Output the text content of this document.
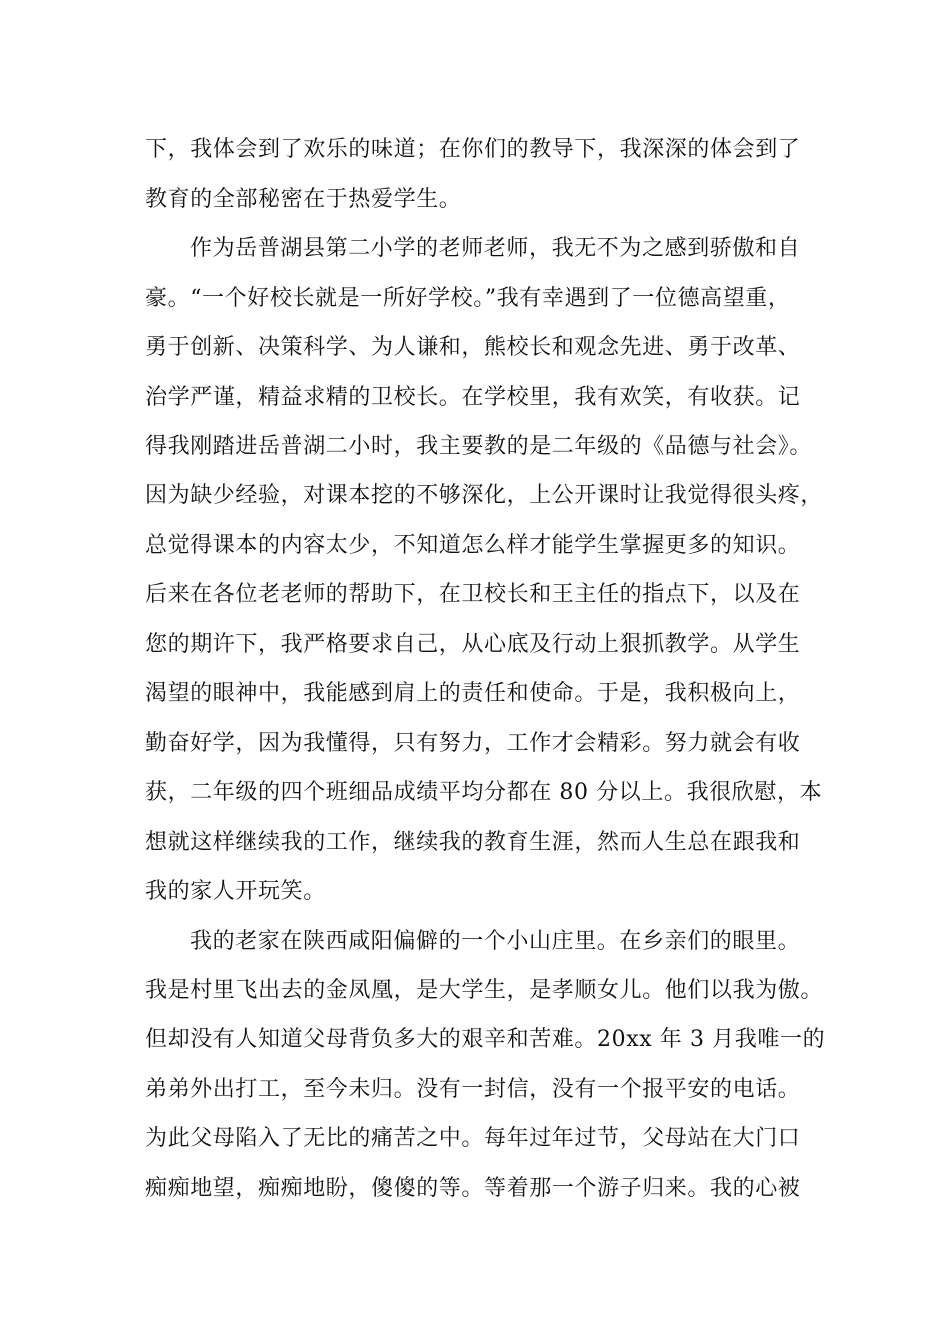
下，我体会到了欢乐的味道；在你们的教导下，我深深的体会到了
教育的全部秘密在于热爱学生。
作为岳普湖县第二小学的老师老师，我无不为之感到骄傲和自
豪。“一个好校长就是一所好学校。”我有幸遇到了一位德高望重，
勇于创新、决策科学、为人谦和，熊校长和观念先进、勇于改革、
治学严谨，精益求精的卫校长。在学校里，我有欢笑，有收获。记
得我刚踏进岳普湖二小时，我主要教的是二年级的《品德与社会》。
因为缺少经验，对课本挖的不够深化，上公开课时让我觉得很头疼，
总觉得课本的内容太少，不知道怎么样才能学生掌握更多的知识。
后来在各位老老师的帮助下，在卫校长和王主任的指点下，以及在
您的期许下，我严格要求自己，从心底及行动上狠抓教学。从学生
渴望的眼神中，我能感到肩上的责任和使命。于是，我积极向上，
勤奋好学，因为我懂得，只有努力，工作才会精彩。努力就会有收
获，二年级的四个班细品成绩平均分都在 80 分以上。我很欣慰，本
想就这样继续我的工作，继续我的教育生涯，然而人生总在跟我和
我的家人开玩笑。
我的老家在陕西咸阳偏僻的一个小山庄里。在乡亲们的眼里。
我是村里飞出去的金凤凰，是大学生，是孝顺女儿。他们以我为傲。
但却没有人知道父母背负多大的艰辛和苦难。20xx 年 3 月我唯一的
弟弟外出打工，至今未归。没有一封信，没有一个报平安的电话。
为此父母陷入了无比的痛苦之中。每年过年过节，父母站在大门口
痴痴地望，痴痴地盼，傻傻的等。等着那一个游子归来。我的心被
